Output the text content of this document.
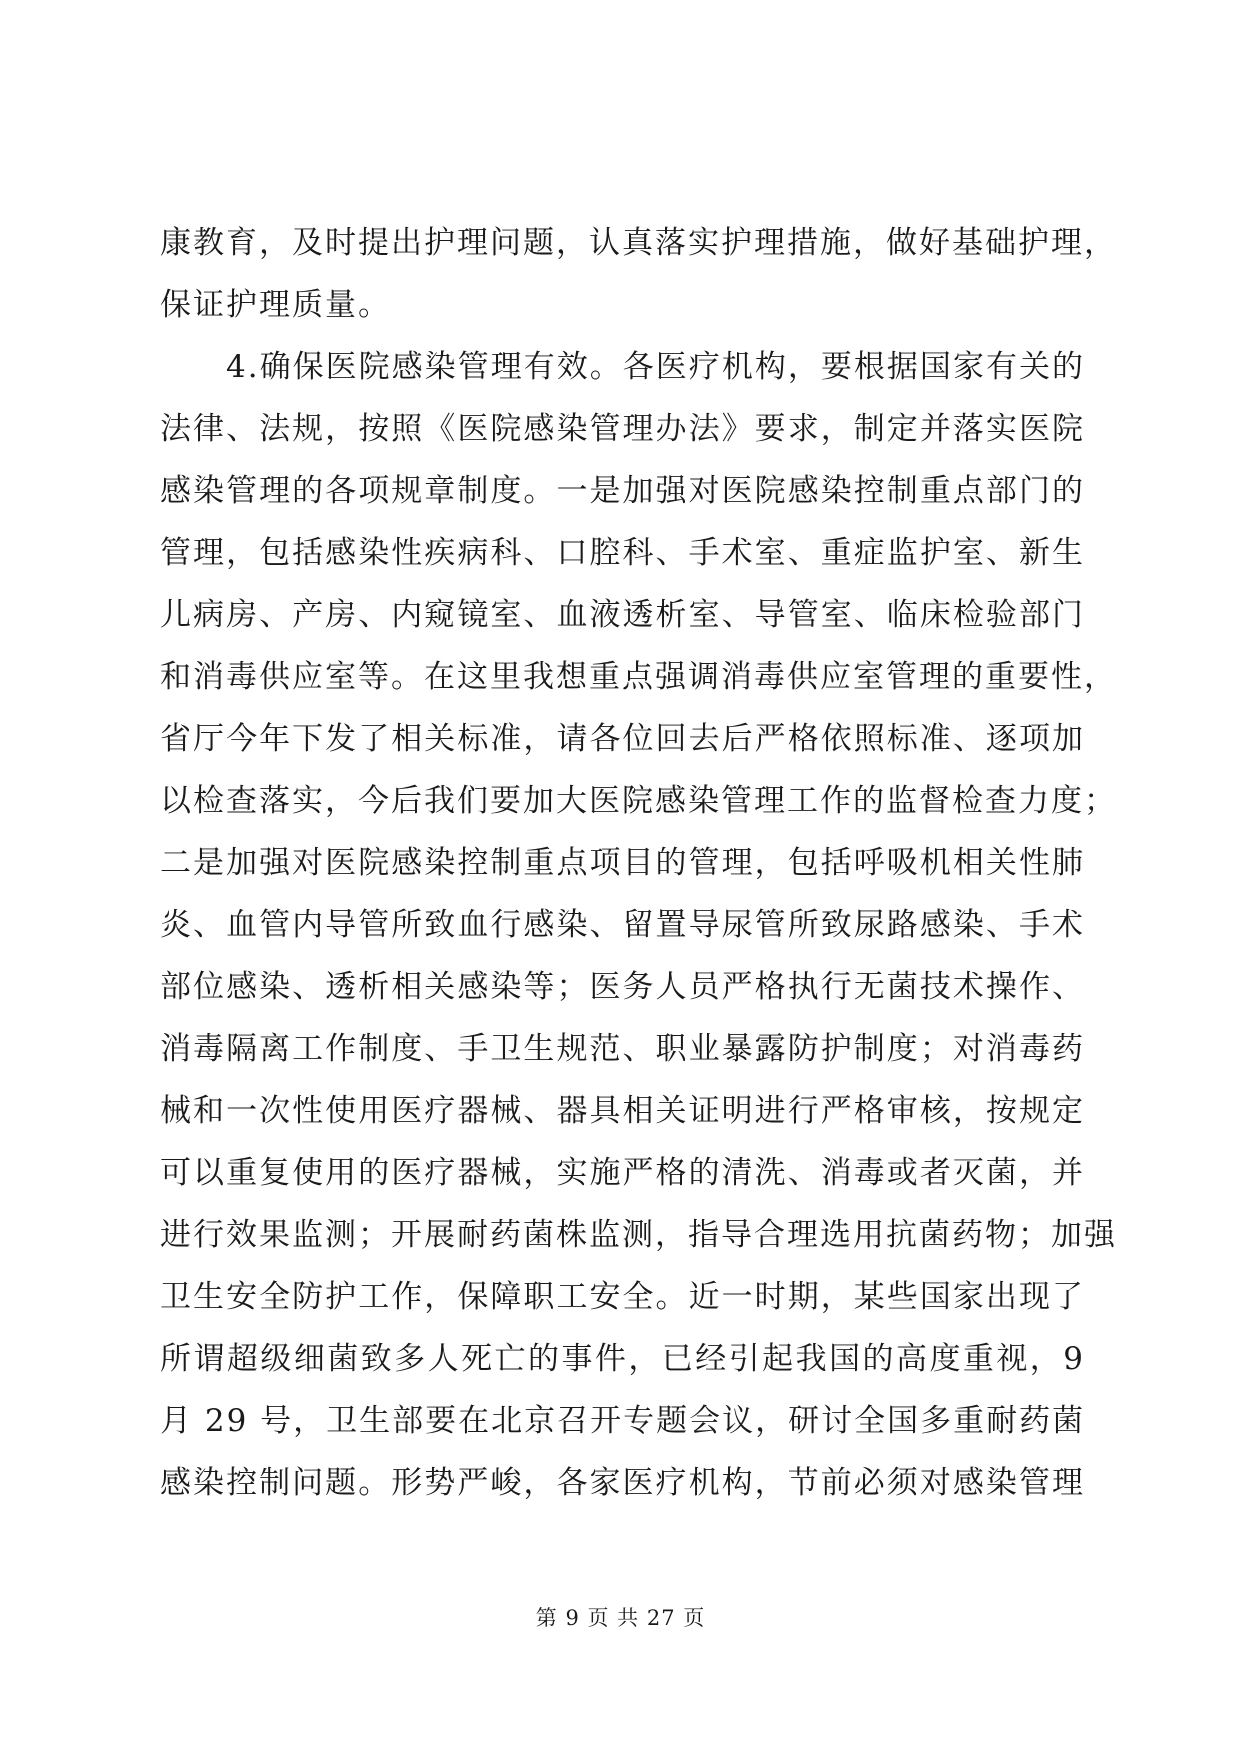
康教育，及时提出护理问题，认真落实护理措施，做好基础护理，
保证护理质量。
4.确保医院感染管理有效。各医疗机构，要根据国家有关的
法律、法规，按照《医院感染管理办法》要求，制定并落实医院
感染管理的各项规章制度。一是加强对医院感染控制重点部门的
管理，包括感染性疾病科、口腔科、手术室、重症监护室、新生
儿病房、产房、内窥镜室、血液透析室、导管室、临床检验部门
和消毒供应室等。在这里我想重点强调消毒供应室管理的重要性，
省厅今年下发了相关标准，请各位回去后严格依照标准、逐项加
以检查落实，今后我们要加大医院感染管理工作的监督检查力度；
二是加强对医院感染控制重点项目的管理，包括呼吸机相关性肺
炎、血管内导管所致血行感染、留置导尿管所致尿路感染、手术
部位感染、透析相关感染等；医务人员严格执行无菌技术操作、
消毒隔离工作制度、手卫生规范、职业暴露防护制度；对消毒药
械和一次性使用医疗器械、器具相关证明进行严格审核，按规定
可以重复使用的医疗器械，实施严格的清洗、消毒或者灭菌，并
进行效果监测；开展耐药菌株监测，指导合理选用抗菌药物；加强
卫生安全防护工作，保障职工安全。近一时期，某些国家出现了
所谓超级细菌致多人死亡的事件，已经引起我国的高度重视，9
月 29 号，卫生部要在北京召开专题会议，研讨全国多重耐药菌
感染控制问题。形势严峻，各家医疗机构，节前必须对感染管理
第 9 页 共 27 页
